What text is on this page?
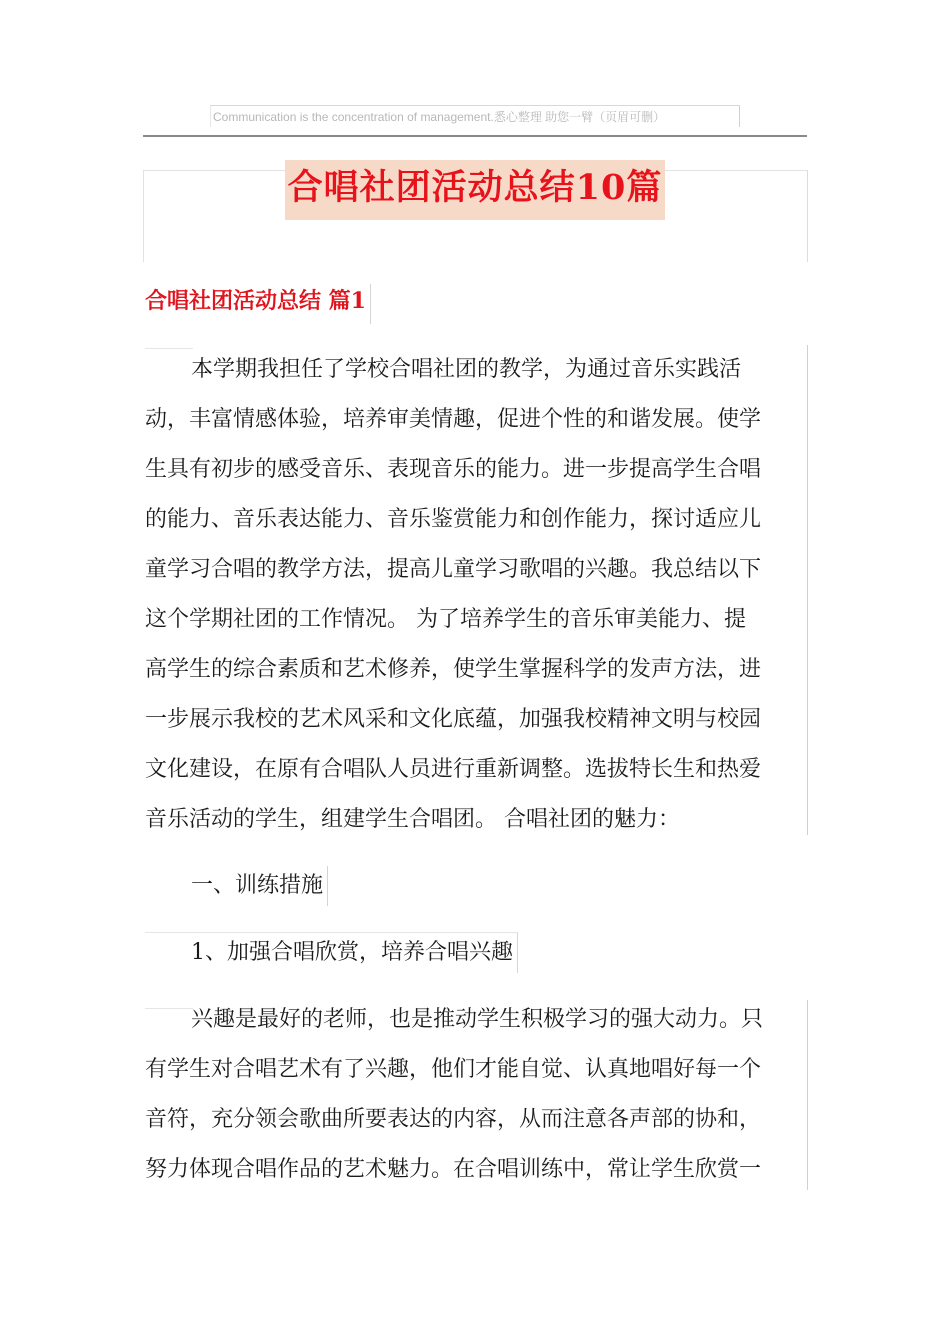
Communication is the concentration of management.悉心整理 助您一臂（页眉可删）
合唱社团活动总结10篇
合唱社团活动总结 篇1
本学期我担任了学校合唱社团的教学，为通过音乐实践活
动，丰富情感体验，培养审美情趣，促进个性的和谐发展。使学
生具有初步的感受音乐、表现音乐的能力。进一步提高学生合唱
的能力、音乐表达能力、音乐鉴赏能力和创作能力，探讨适应儿
童学习合唱的教学方法，提高儿童学习歌唱的兴趣。我总结以下
这个学期社团的工作情况。 为了培养学生的音乐审美能力、提
高学生的综合素质和艺术修养，使学生掌握科学的发声方法，进
一步展示我校的艺术风采和文化底蕴，加强我校精神文明与校园
文化建设，在原有合唱队人员进行重新调整。选拔特长生和热爱
音乐活动的学生，组建学生合唱团。 合唱社团的魅力：
一、训练措施
1、加强合唱欣赏，培养合唱兴趣
兴趣是最好的老师，也是推动学生积极学习的强大动力。只
有学生对合唱艺术有了兴趣，他们才能自觉、认真地唱好每一个
音符，充分领会歌曲所要表达的内容，从而注意各声部的协和，
努力体现合唱作品的艺术魅力。在合唱训练中，常让学生欣赏一
